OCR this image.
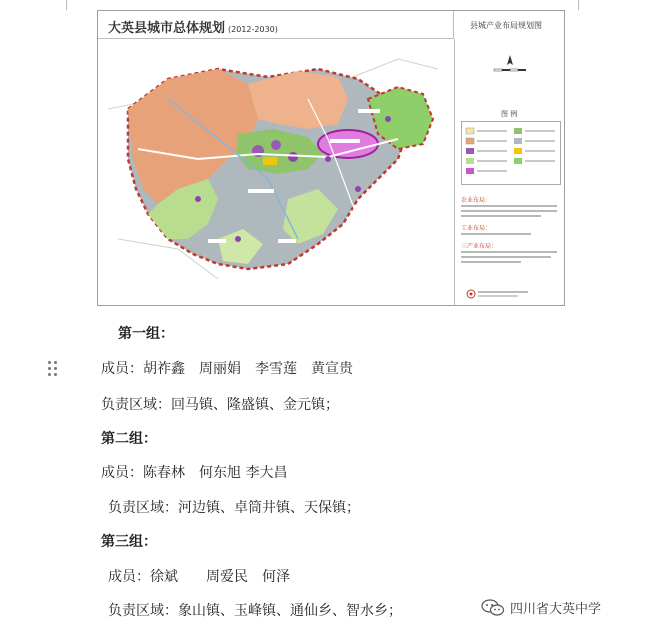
大英县城市总体规划 (2012-2030)	县城产业布局规划图
图 例
农业布局：
工业布局：
三产业布局：
第一组：
成员：胡祚鑫　周丽娟　李雪莲　黄宣贵
负责区域：回马镇、隆盛镇、金元镇；
第二组：
成员：陈春林　何东旭 李大昌
负责区域：河边镇、卓筒井镇、天保镇；
第三组：
成员：徐斌　　周爱民　何泽
负责区域：象山镇、玉峰镇、通仙乡、智水乡；	四川省大英中学
